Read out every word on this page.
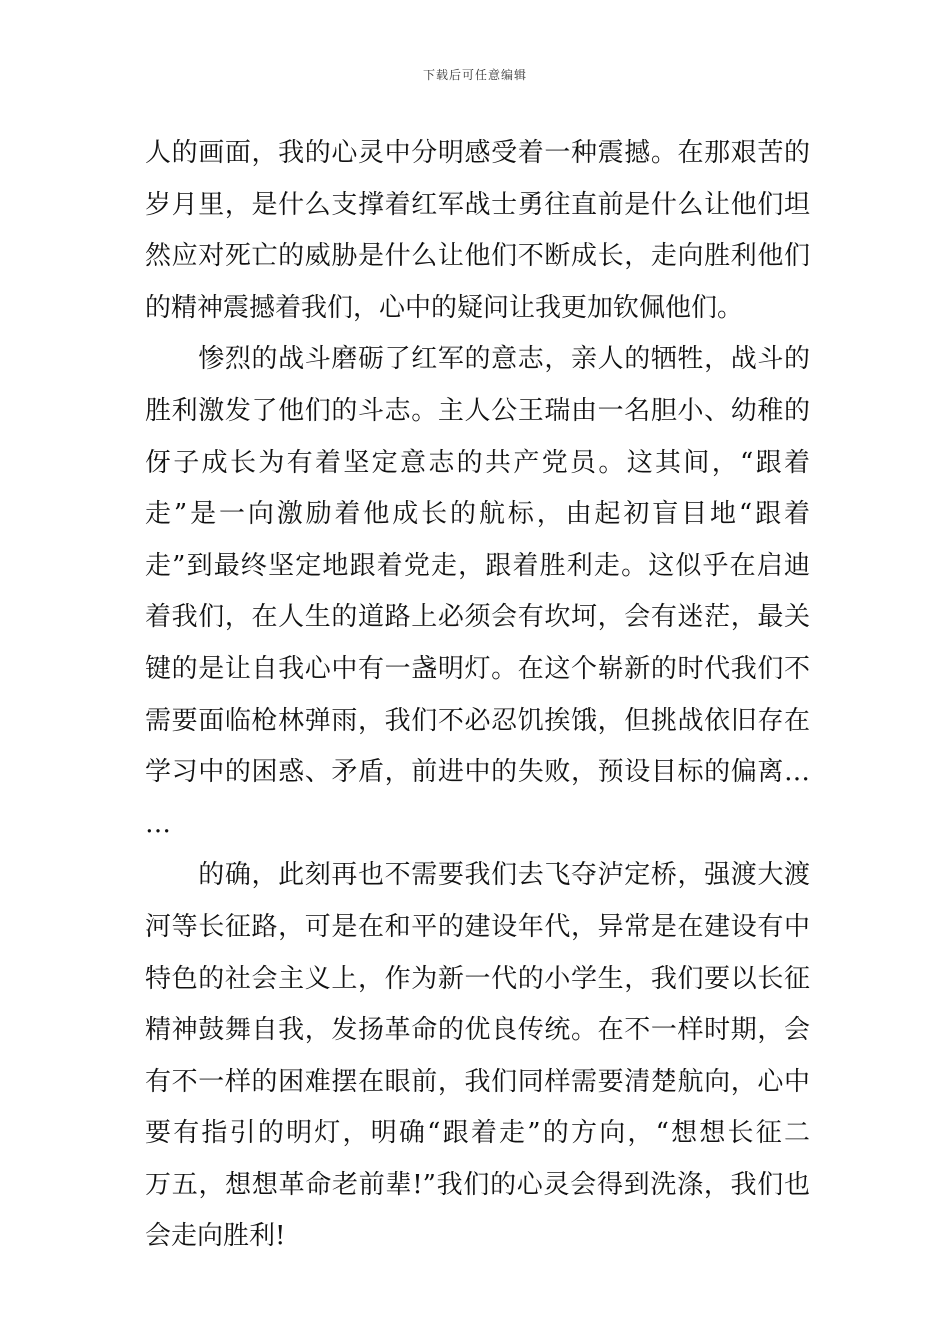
下载后可任意编辑
人的画面，我的心灵中分明感受着一种震撼。在那艰苦的
岁月里，是什么支撑着红军战士勇往直前是什么让他们坦
然应对死亡的威胁是什么让他们不断成长，走向胜利他们
的精神震撼着我们，心中的疑问让我更加钦佩他们。
　　惨烈的战斗磨砺了红军的意志，亲人的牺牲，战斗的
胜利激发了他们的斗志。主人公王瑞由一名胆小、幼稚的
伢子成长为有着坚定意志的共产党员。这其间，“跟着
走”是一向激励着他成长的航标，由起初盲目地“跟着
走”到最终坚定地跟着党走，跟着胜利走。这似乎在启迪
着我们，在人生的道路上必须会有坎坷，会有迷茫，最关
键的是让自我心中有一盏明灯。在这个崭新的时代我们不
需要面临枪林弹雨，我们不必忍饥挨饿，但挑战依旧存在
学习中的困惑、矛盾，前进中的失败，预设目标的偏离…
…
　　的确，此刻再也不需要我们去飞夺泸定桥，强渡大渡
河等长征路，可是在和平的建设年代，异常是在建设有中
特色的社会主义上，作为新一代的小学生，我们要以长征
精神鼓舞自我，发扬革命的优良传统。在不一样时期，会
有不一样的困难摆在眼前，我们同样需要清楚航向，心中
要有指引的明灯，明确“跟着走”的方向，“想想长征二
万五，想想革命老前辈!”我们的心灵会得到洗涤，我们也
会走向胜利!
